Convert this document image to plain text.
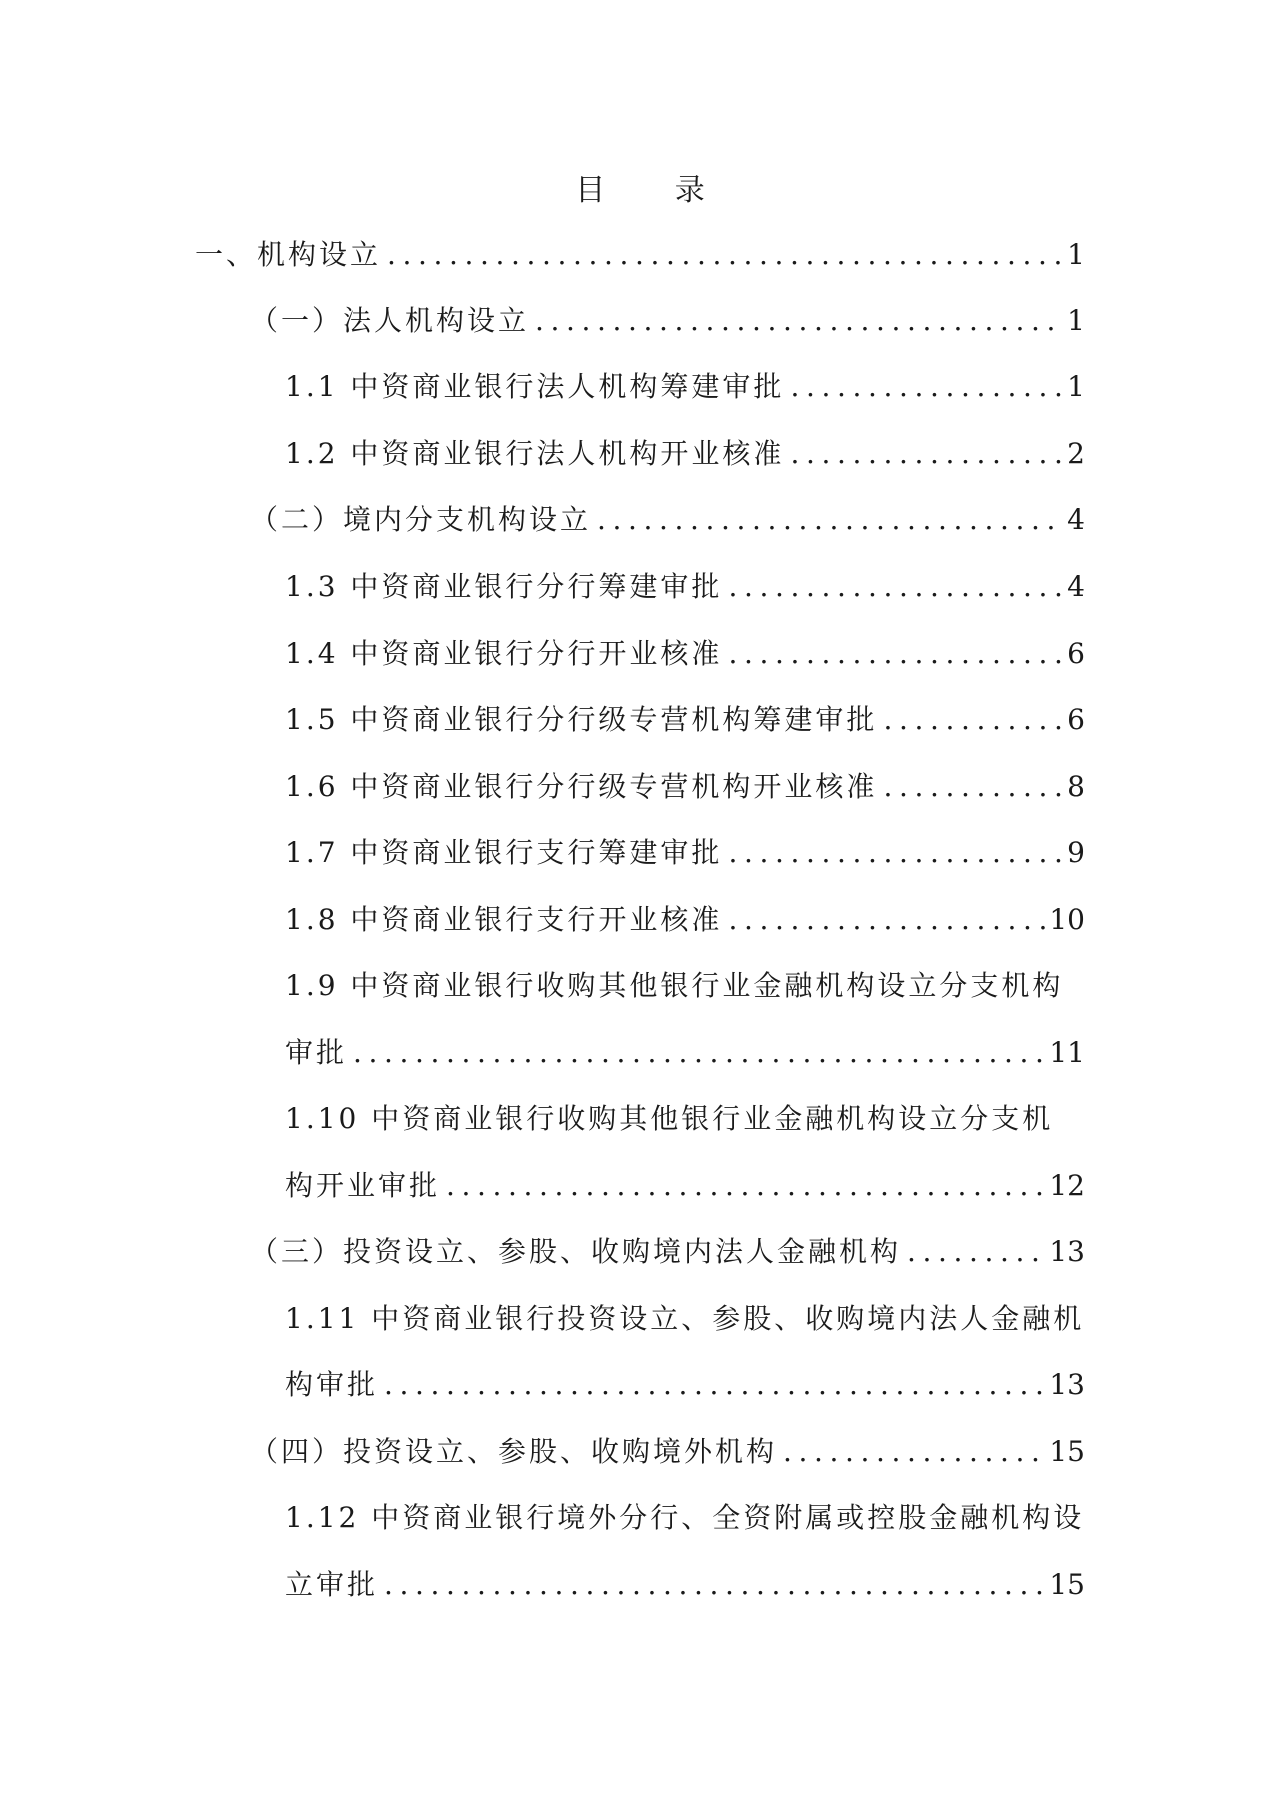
目 录
一、机构设立 .....	1
（一）法人机构设立 .....	1
1.1 中资商业银行法人机构筹建审批 .....	1
1.2 中资商业银行法人机构开业核准 .....	2
（二）境内分支机构设立 .....	4
1.3 中资商业银行分行筹建审批 .....	4
1.4 中资商业银行分行开业核准 .....	6
1.5 中资商业银行分行级专营机构筹建审批 .....	6
1.6 中资商业银行分行级专营机构开业核准 .....	8
1.7 中资商业银行支行筹建审批 .....	9
1.8 中资商业银行支行开业核准 .....	10
1.9 中资商业银行收购其他银行业金融机构设立分支机构
审批 .....	11
1.10 中资商业银行收购其他银行业金融机构设立分支机
构开业审批 .....	12
（三）投资设立、参股、收购境内法人金融机构 .....	13
1.11 中资商业银行投资设立、参股、收购境内法人金融机
构审批 .....	13
（四）投资设立、参股、收购境外机构 .....	15
1.12 中资商业银行境外分行、全资附属或控股金融机构设
立审批 .....	15
